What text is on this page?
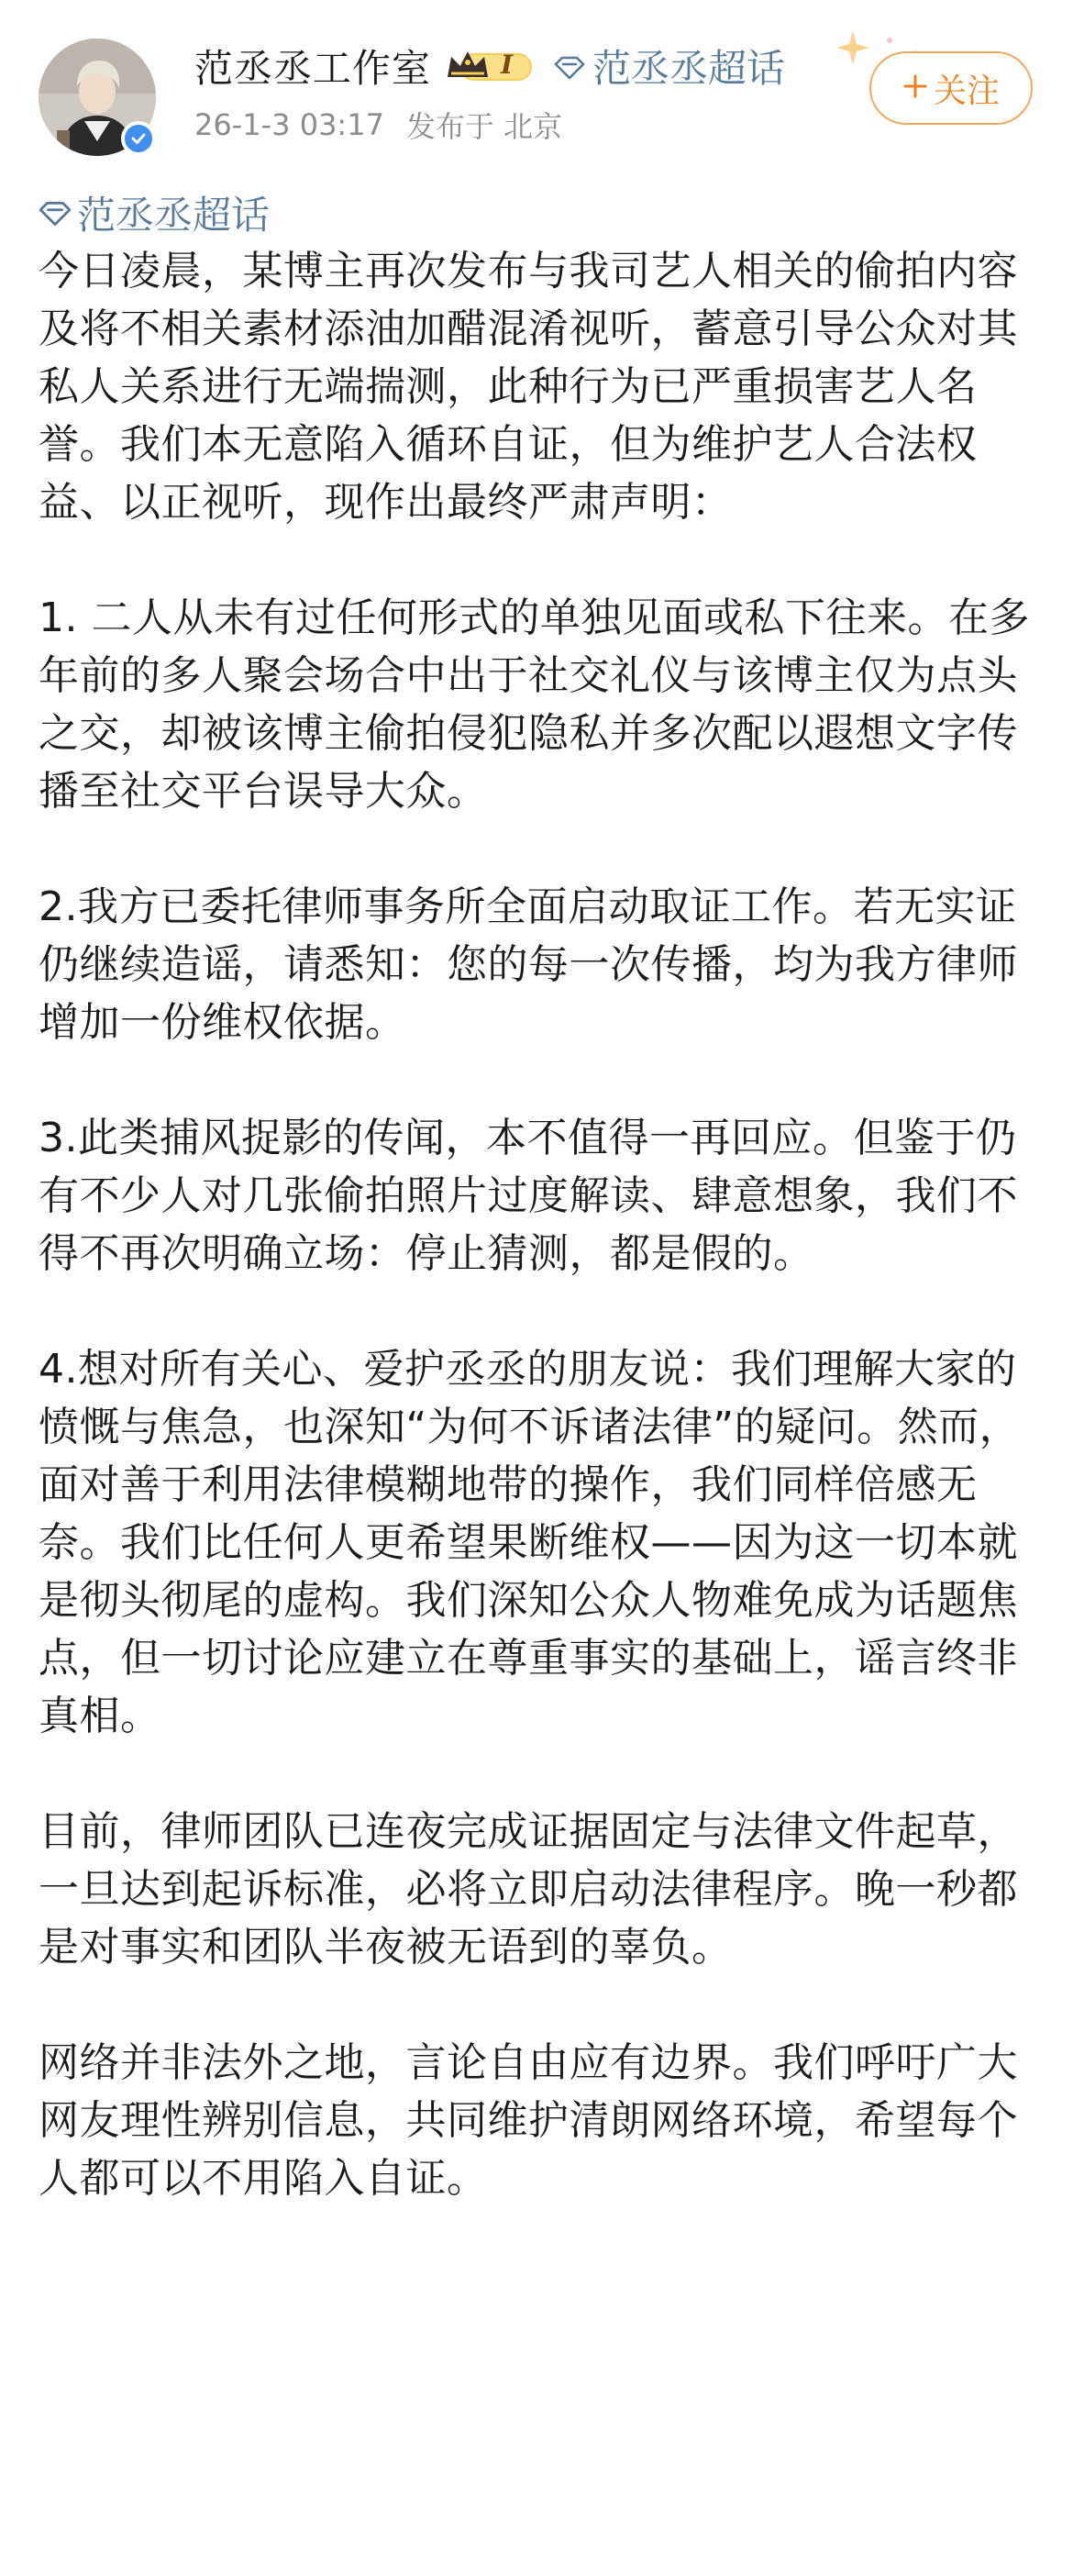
范丞丞工作室	I 范丞丞超话
26-1-3 03:17 发布于 北京
关注
范丞丞超话

今日凌晨，某博主再次发布与我司艺人相关的偷拍内容及将不相关素材添油加醋混淆视听，蓄意引导公众对其私人关系进行无端揣测，此种行为已严重损害艺人名誉。我们本无意陷入循环自证，但为维护艺人合法权益、以正视听，现作出最终严肃声明：

1. 二人从未有过任何形式的单独见面或私下往来。在多年前的多人聚会场合中出于社交礼仪与该博主仅为点头之交，却被该博主偷拍侵犯隐私并多次配以遐想文字传播至社交平台误导大众。

2.我方已委托律师事务所全面启动取证工作。若无实证仍继续造谣，请悉知：您的每一次传播，均为我方律师增加一份维权依据。

3.此类捕风捉影的传闻，本不值得一再回应。但鉴于仍有不少人对几张偷拍照片过度解读、肆意想象，我们不得不再次明确立场：停止猜测，都是假的。

4.想对所有关心、爱护丞丞的朋友说：我们理解大家的愤慨与焦急，也深知“为何不诉诸法律”的疑问。然而，面对善于利用法律模糊地带的操作，我们同样倍感无奈。我们比任何人更希望果断维权——因为这一切本就是彻头彻尾的虚构。我们深知公众人物难免成为话题焦点，但一切讨论应建立在尊重事实的基础上，谣言终非真相。

目前，律师团队已连夜完成证据固定与法律文件起草，一旦达到起诉标准，必将立即启动法律程序。晚一秒都是对事实和团队半夜被无语到的辜负。

网络并非法外之地，言论自由应有边界。我们呼吁广大网友理性辨别信息，共同维护清朗网络环境，希望每个人都可以不用陷入自证。
